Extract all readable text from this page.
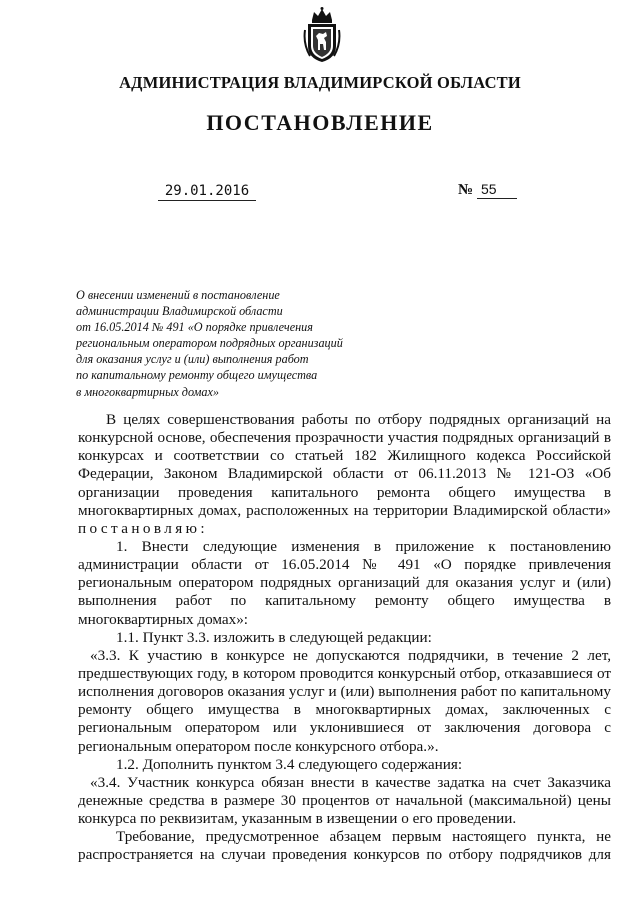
АДМИНИСТРАЦИЯ ВЛАДИМИРСКОЙ ОБЛАСТИ
ПОСТАНОВЛЕНИЕ
29.01.2016	№ 55
О внесении изменений в постановление
администрации Владимирской области
от 16.05.2014 № 491 «О порядке привлечения
региональным оператором подрядных организаций
для оказания услуг и (или) выполнения работ
по капитальному ремонту общего имущества
в многоквартирных домах»
В целях совершенствования работы по отбору подрядных организаций на
конкурсной основе, обеспечения прозрачности участия подрядных организаций в
конкурсах и соответствии со статьей 182 Жилищного кодекса Российской
Федерации, Законом Владимирской области от 06.11.2013 № 121-ОЗ «Об
организации проведения капитального ремонта общего имущества в
многоквартирных домах, расположенных на территории Владимирской области»
постановляю:
1. Внести следующие изменения в приложение к постановлению
администрации области от 16.05.2014 № 491 «О порядке привлечения
региональным оператором подрядных организаций для оказания услуг и (или)
выполнения работ по капитальному ремонту общего имущества в
многоквартирных домах»:
1.1. Пункт 3.3. изложить в следующей редакции:
«3.3. К участию в конкурсе не допускаются подрядчики, в течение 2 лет,
предшествующих году, в котором проводится конкурсный отбор, отказавшиеся от
исполнения договоров оказания услуг и (или) выполнения работ по капитальному
ремонту общего имущества в многоквартирных домах, заключенных с
региональным оператором или уклонившиеся от заключения договора с
региональным оператором после конкурсного отбора.».
1.2. Дополнить пунктом 3.4 следующего содержания:
«3.4. Участник конкурса обязан внести в качестве задатка на счет Заказчика
денежные средства в размере 30 процентов от начальной (максимальной) цены
конкурса по реквизитам, указанным в извещении о его проведении.
Требование, предусмотренное абзацем первым настоящего пункта, не
распространяется на случаи проведения конкурсов по отбору подрядчиков для
